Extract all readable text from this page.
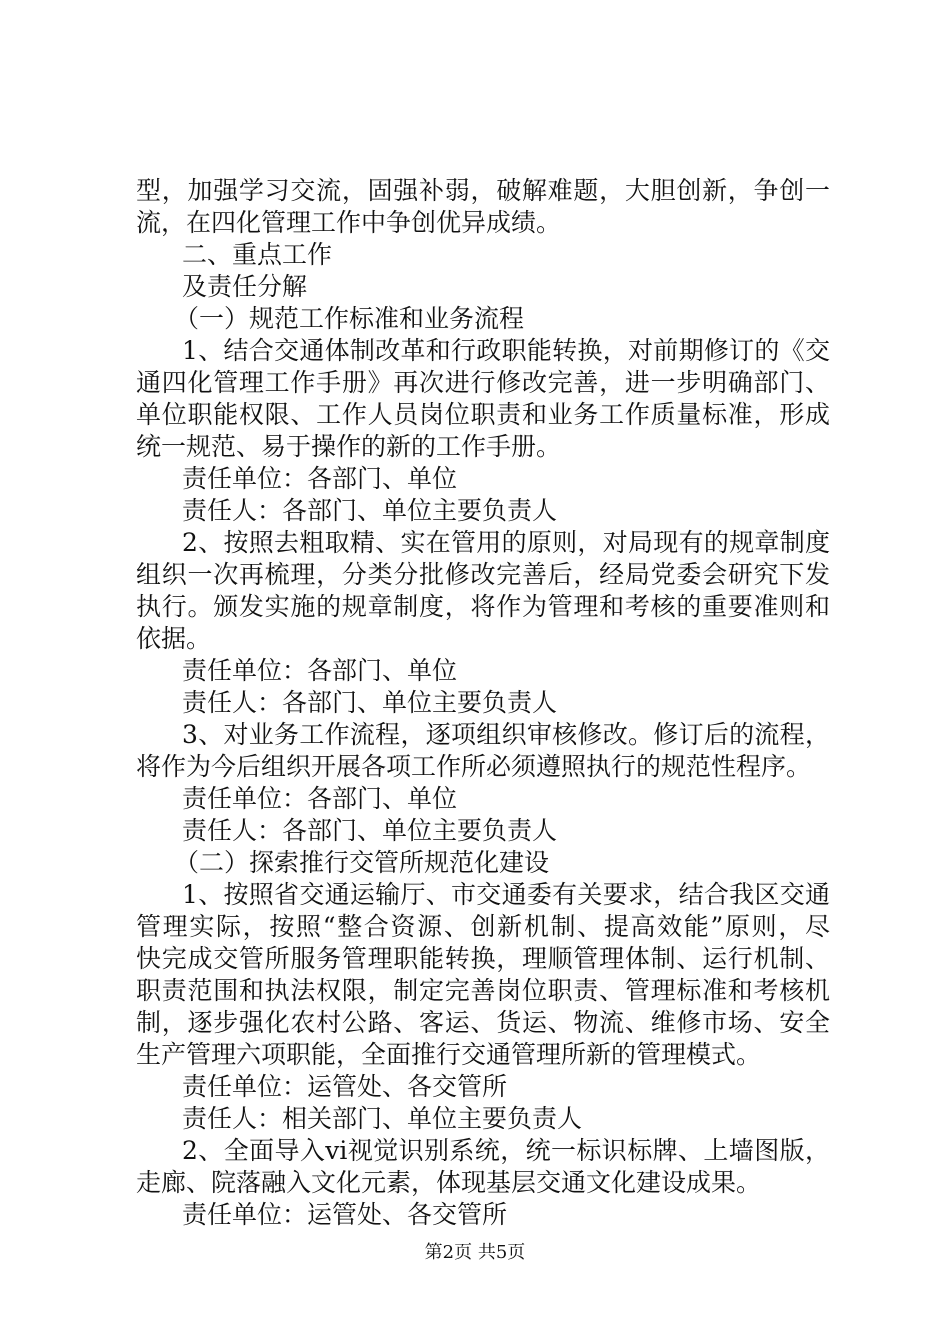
型，加强学习交流，固强补弱，破解难题，大胆创新，争创一
流，在四化管理工作中争创优异成绩。
二、重点工作
及责任分解
（一）规范工作标准和业务流程
1、结合交通体制改革和行政职能转换，对前期修订的《交
通四化管理工作手册》再次进行修改完善，进一步明确部门、
单位职能权限、工作人员岗位职责和业务工作质量标准，形成
统一规范、易于操作的新的工作手册。
责任单位：各部门、单位
责任人：各部门、单位主要负责人
2、按照去粗取精、实在管用的原则，对局现有的规章制度
组织一次再梳理，分类分批修改完善后，经局党委会研究下发
执行。颁发实施的规章制度，将作为管理和考核的重要准则和
依据。
责任单位：各部门、单位
责任人：各部门、单位主要负责人
3、对业务工作流程，逐项组织审核修改。修订后的流程，
将作为今后组织开展各项工作所必须遵照执行的规范性程序。
责任单位：各部门、单位
责任人：各部门、单位主要负责人
（二）探索推行交管所规范化建设
1、按照省交通运输厅、市交通委有关要求，结合我区交通
管理实际，按照“整合资源、创新机制、提高效能”原则，尽
快完成交管所服务管理职能转换，理顺管理体制、运行机制、
职责范围和执法权限，制定完善岗位职责、管理标准和考核机
制，逐步强化农村公路、客运、货运、物流、维修市场、安全
生产管理六项职能，全面推行交通管理所新的管理模式。
责任单位：运管处、各交管所
责任人：相关部门、单位主要负责人
2、全面导入vi视觉识别系统，统一标识标牌、上墙图版，
走廊、院落融入文化元素，体现基层交通文化建设成果。
责任单位：运管处、各交管所
第2页 共5页
